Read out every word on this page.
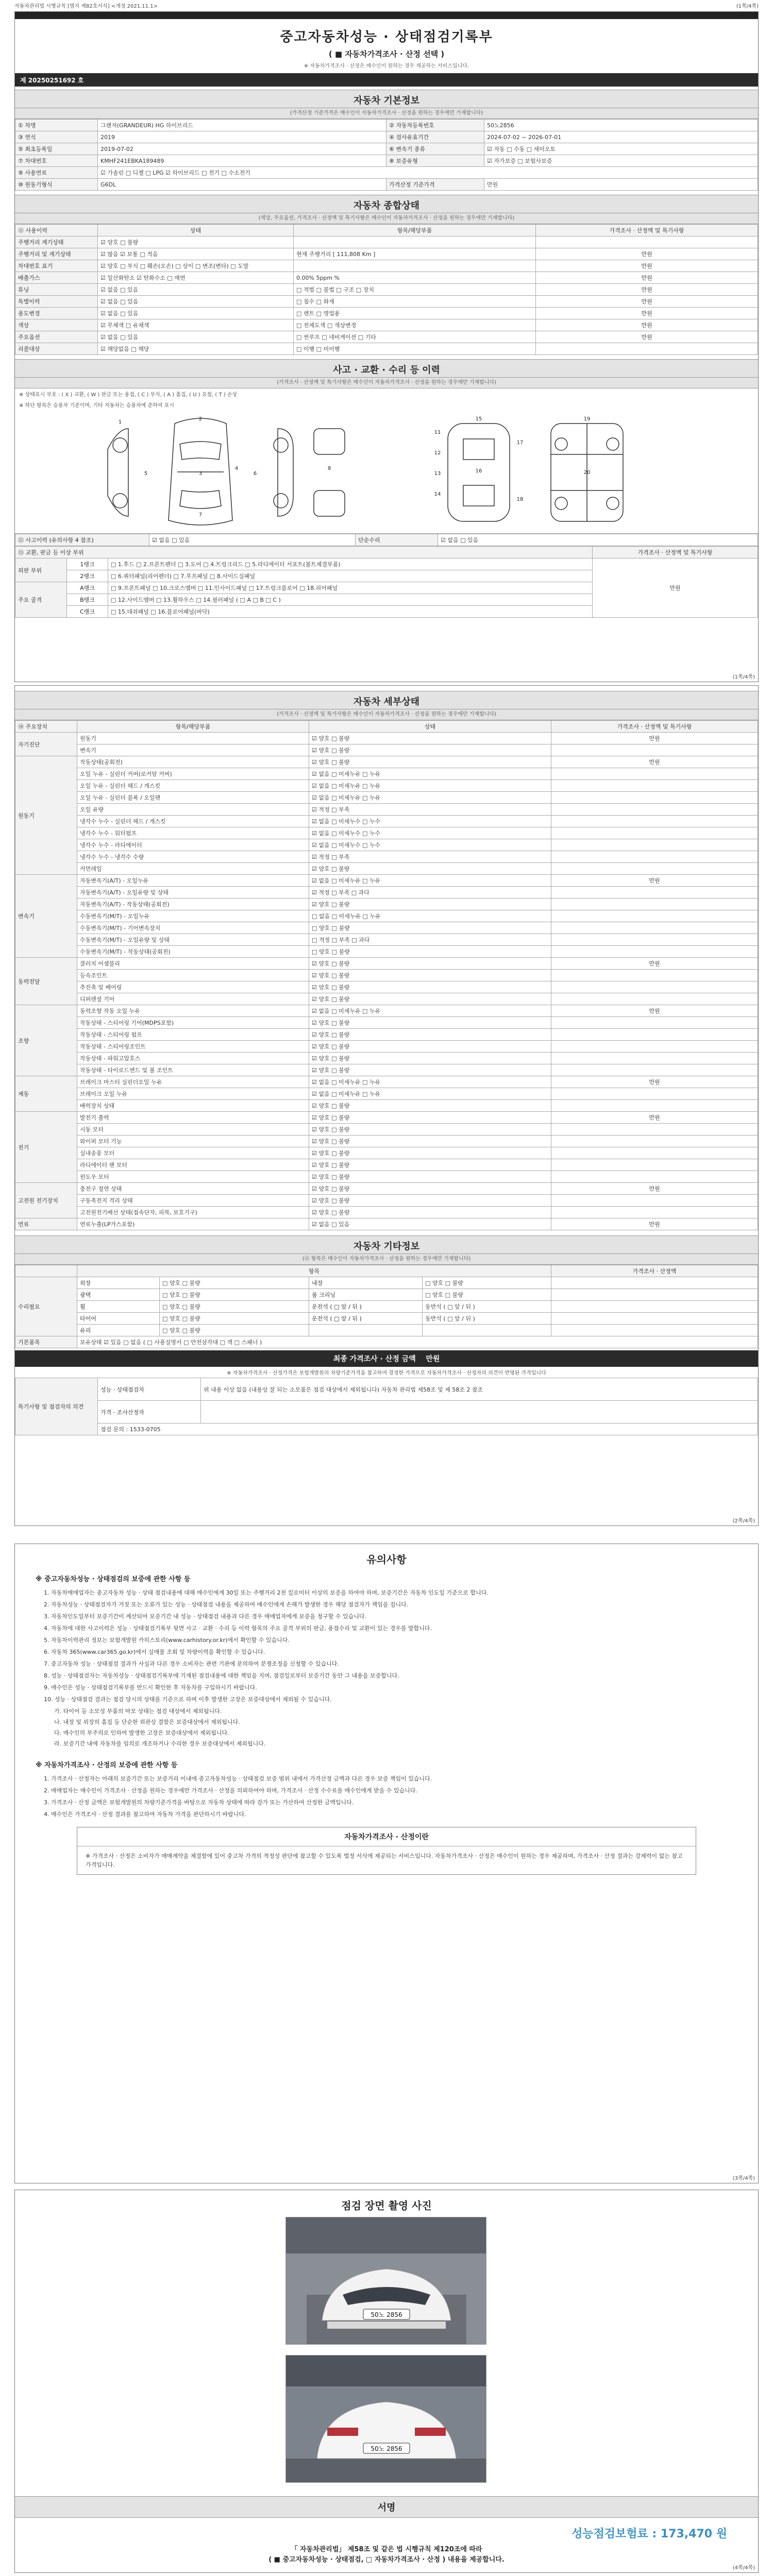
자동차관리법 시행규칙 [별지 제82호서식] <개정 2021.11.1>	(1쪽/4쪽)
중고자동차성능 · 상태점검기록부
( ■ 자동차가격조사 · 산정 선택 )
※ 자동차가격조사 · 산정은 매수인이 원하는 경우 제공하는 서비스입니다.
제 20250251692 호
자동차 기본정보
(가격산정 기준가격은 매수인이 자동차가격조사 · 산정을 원하는 경우에만 기재합니다)
① 차명	그랜저(GRANDEUR) HG 하이브리드	② 자동차등록번호	50노2856
③ 연식	2019	④ 검사유효기간	2024-07-02 ~ 2026-07-01
⑤ 최초등록일	2019-07-02	⑥ 변속기 종류	☑ 자동 □ 수동 □ 세미오토
⑦ 차대번호	KMHF241EBKA189489	⑧ 보증유형	☑ 자가보증 □ 보험사보증
⑨ 사용연료	☑ 가솔린 □ 디젤 □ LPG ☑ 하이브리드 □ 전기 □ 수소전기		
⑩ 원동기형식	G6DL	가격산정 기준가격	만원
자동차 종합상태
(색상, 주요옵션, 가격조사 · 산정액 및 특기사항은 매수인이 자동차가격조사 · 산정을 원하는 경우에만 기재합니다)
⑪ 사용이력	상태	항목/해당부품	가격조사 · 산정액 및 특기사항
주행거리 계기상태	☑ 양호 □ 불량		
주행거리 및 계기상태	☑ 많음 ☑ 보통 □ 적음	현재 주행거리 [ 111,808 Km ]	만원
차대번호 표기	☑ 양호 □ 부식 □ 훼손(오손) □ 상이 □ 변조(변타) □ 도말		만원
배출가스	☑ 일산화탄소 ☑ 탄화수소 □ 매연	0.00% 5ppm %	만원
튜닝	☑ 없음 □ 있음	□ 적법 □ 불법 □ 구조 □ 장치	만원
특별이력	☑ 없음 □ 있음	□ 침수 □ 화재	만원
용도변경	☑ 없음 □ 있음	□ 렌트 □ 영업용	만원
색상	☑ 무채색 □ 유채색	□ 전체도색 □ 색상변경	만원
주요옵션	☑ 없음 □ 있음	□ 썬루프 □ 네비게이션 □ 기타	만원
리콜대상	☑ 해당없음 □ 해당	□ 이행 □ 미이행	
사고 · 교환 · 수리 등 이력
(가격조사 · 산정액 및 특기사항은 매수인이 자동차가격조사 · 산정을 원하는 경우에만 기재합니다)
※ 상태표시 부호 : ( X ) 교환, ( W ) 판금 또는 용접, ( C ) 부식, ( A ) 흠집, ( U ) 요철, ( T ) 손상
※ 하단 항목은 승용차 기준이며, 기타 자동차는 승용차에 준하여 표시
1
2
3
4
5	6
7
8
11
12
13
14
15
16
17
18
19
20
⑫ 사고이력 (유의사항 4 참조)	☑ 없음 □ 있음	단순수리	☑ 없음 □ 있음
⑬ 교환, 판금 등 이상 부위			가격조사 · 산정액 및 특기사항
외판 부위	1랭크	□ 1.후드 □ 2.프론트펜더 □ 3.도어 □ 4.트렁크리드 □ 5.라디에이터 서포트(볼트체결부품)	만원
	2랭크	□ 6.쿼터패널(리어펜더) □ 7.루프패널 □ 8.사이드실패널	
주요 골격	A랭크	□ 9.프론트패널 □ 10.크로스멤버 □ 11.인사이드패널 □ 17.트렁크플로어 □ 18.리어패널	
	B랭크	□ 12.사이드멤버 □ 13.휠하우스 □ 14.필러패널 ( □ A □ B □ C )	
	C랭크	□ 15.대쉬패널 □ 16.플로어패널(바닥)	
(1쪽/4쪽)
자동차 세부상태
(가격조사 · 산정액 및 특기사항은 매수인이 자동차가격조사 · 산정을 원하는 경우에만 기재합니다)
⑭ 주요장치	항목/해당부품	상태	가격조사 · 산정액 및 특기사항
자기진단	원동기	☑ 양호 □ 불량	만원
	변속기	☑ 양호 □ 불량	
원동기	작동상태(공회전)	☑ 양호 □ 불량	만원
	오일 누유 - 실린더 커버(로커암 커버)	☑ 없음 □ 미세누유 □ 누유	
	오일 누유 - 실린더 헤드 / 개스킷	☑ 없음 □ 미세누유 □ 누유	
	오일 누유 - 실린더 블록 / 오일팬	☑ 없음 □ 미세누유 □ 누유	
	오일 유량	☑ 적정 □ 부족	
	냉각수 누수 - 실린더 헤드 / 개스킷	☑ 없음 □ 미세누수 □ 누수	
	냉각수 누수 - 워터펌프	☑ 없음 □ 미세누수 □ 누수	
	냉각수 누수 - 라디에이터	☑ 없음 □ 미세누수 □ 누수	
	냉각수 누수 - 냉각수 수량	☑ 적정 □ 부족	
	커먼레일	☑ 양호 □ 불량	
변속기	자동변속기(A/T) - 오일누유	☑ 없음 □ 미세누유 □ 누유	만원
	자동변속기(A/T) - 오일유량 및 상태	☑ 적정 □ 부족 □ 과다	
	자동변속기(A/T) - 작동상태(공회전)	☑ 양호 □ 불량	
	수동변속기(M/T) - 오일누유	□ 없음 □ 미세누유 □ 누유	
	수동변속기(M/T) - 기어변속장치	□ 양호 □ 불량	
	수동변속기(M/T) - 오일유량 및 상태	□ 적정 □ 부족 □ 과다	
	수동변속기(M/T) - 작동상태(공회전)	□ 양호 □ 불량	
동력전달	클러치 어셈블리	☑ 양호 □ 불량	만원
	등속조인트	☑ 양호 □ 불량	
	추진축 및 베어링	☑ 양호 □ 불량	
	디퍼렌셜 기어	☑ 양호 □ 불량	
조향	동력조향 작동 오일 누유	☑ 없음 □ 미세누유 □ 누유	만원
	작동상태 - 스티어링 기어(MDPS포함)	☑ 양호 □ 불량	
	작동상태 - 스티어링 펌프	☑ 양호 □ 불량	
	작동상태 - 스티어링조인트	☑ 양호 □ 불량	
	작동상태 - 파워고압호스	☑ 양호 □ 불량	
	작동상태 - 타이로드엔드 및 볼 조인트	☑ 양호 □ 불량	
제동	브레이크 마스터 실린더오일 누유	☑ 없음 □ 미세누유 □ 누유	만원
	브레이크 오일 누유	☑ 없음 □ 미세누유 □ 누유	
	배력장치 상태	☑ 양호 □ 불량	
전기	발전기 출력	☑ 양호 □ 불량	만원
	시동 모터	☑ 양호 □ 불량	
	와이퍼 모터 기능	☑ 양호 □ 불량	
	실내송풍 모터	☑ 양호 □ 불량	
	라디에이터 팬 모터	☑ 양호 □ 불량	
	윈도우 모터	☑ 양호 □ 불량	
고전원 전기장치	충전구 절연 상태	☑ 양호 □ 불량	만원
	구동축전지 격리 상태	☑ 양호 □ 불량	
	고전원전기배선 상태(접속단자, 피복, 보호기구)	☑ 양호 □ 불량	
연료	연료누출(LP가스포함)	☑ 없음 □ 있음	만원
자동차 기타정보
(⑮ 항목은 매수인이 자동차가격조사 · 산정을 원하는 경우에만 기재합니다)
	항목				가격조사 · 산정액
수리필요	외장	□ 양호 □ 불량	내장	□ 양호 □ 불량	
	광택	□ 양호 □ 불량	룸 크리닝	□ 양호 □ 불량	
	휠	□ 양호 □ 불량	운전석 ( □ 앞 / 뒤 )	동반석 ( □ 앞 / 뒤 )	
	타이어	□ 양호 □ 불량	운전석 ( □ 앞 / 뒤 )	동반석 ( □ 앞 / 뒤 )	
	유리	□ 양호 □ 불량			
기본품목	보유상태 ☑ 있음 □ 없음 ( □ 사용설명서 □ 안전삼각대 □ 잭 □ 스패너 )				
최종 가격조사 · 산정 금액 만원
※ 자동차가격조사 · 산정가격은 보험개발원의 차량기준가격을 참고하여 결정한 가격으로 자동차가격조사 · 산정자의 의견이 반영된 가격입니다
특기사항 및 점검자의 의견	성능 · 상태점검자	위 내용 이상 없음 (내용상 잘 되는 소모품은 점검 대상에서 제외됩니다) 자동차 관리법 제58조 및 제 58조 2 참조
	가격 · 조사산정자	
	점검 문의 : 1533-0705	
(2쪽/4쪽)
유의사항
※ 중고자동차성능 · 상태점검의 보증에 관한 사항 등
1. 자동차매매업자는 중고자동차 성능 · 상태 점검내용에 대해 매수인에게 30일 또는 주행거리 2천 킬로미터 이상의 보증을 하여야 하며, 보증기간은 자동차 인도일 기준으로 합니다.
2. 자동차성능 · 상태점검자가 거짓 또는 오류가 있는 성능 · 상태점검 내용을 제공하여 매수인에게 손해가 발생한 경우 해당 점검자가 책임을 집니다.
3. 자동차인도일부터 보증기간이 계산되어 보증기간 내 성능 · 상태점검 내용과 다른 경우 매매업자에게 보증을 청구할 수 있습니다.
4. 자동차에 대한 사고이력은 성능 · 상태점검기록부 뒷면 사고 · 교환 · 수리 등 이력 항목의 주요 골격 부위의 판금, 용접수리 및 교환이 있는 경우를 말합니다.
5. 자동차이력관리 정보는 보험개발원 카히스토리(www.carhistory.or.kr)에서 확인할 수 있습니다.
6. 자동차 365(www.car365.go.kr)에서 실매물 조회 및 차량이력을 확인할 수 있습니다.
7. 중고자동차 성능 · 상태점검 결과가 사실과 다른 경우 소비자는 관련 기관에 문의하여 분쟁조정을 신청할 수 있습니다.
8. 성능 · 상태점검자는 자동차성능 · 상태점검기록부에 기재된 점검내용에 대한 책임을 지며, 점검일로부터 보증기간 동안 그 내용을 보증합니다.
9. 매수인은 성능 · 상태점검기록부를 반드시 확인한 후 자동차를 구입하시기 바랍니다.
10. 성능 · 상태점검 결과는 점검 당시의 상태를 기준으로 하며 이후 발생한 고장은 보증대상에서 제외될 수 있습니다.
가. 타이어 등 소모성 부품의 마모 상태는 점검 대상에서 제외됩니다.
나. 내장 및 외장의 흠집 등 단순한 외관상 결함은 보증대상에서 제외됩니다.
다. 매수인의 부주의로 인하여 발생한 고장은 보증대상에서 제외됩니다.
라. 보증기간 내에 자동차를 임의로 개조하거나 수리한 경우 보증대상에서 제외됩니다.
※ 자동차가격조사 · 산정의 보증에 관한 사항 등
1. 가격조사 · 산정자는 아래의 보증기간 또는 보증거리 이내에 중고자동차성능 · 상태점검 보증 범위 내에서 가격산정 금액과 다른 경우 보증 책임이 있습니다.
2. 매매업자는 매수인이 가격조사 · 산정을 원하는 경우에만 가격조사 · 산정을 의뢰하여야 하며, 가격조사 · 산정 수수료를 매수인에게 받을 수 있습니다.
3. 가격조사 · 산정 금액은 보험개발원의 차량기준가격을 바탕으로 자동차 상태에 따라 감가 또는 가산하여 산정한 금액입니다.
4. 매수인은 가격조사 · 산정 결과를 참고하여 자동차 가격을 판단하시기 바랍니다.
자동차가격조사 · 산정이란
※ 가격조사 · 산정은 소비자가 매매계약을 체결함에 있어 중고차 가격의 적정성 판단에 참고할 수 있도록 법정 서식에 제공되는 서비스입니다. 자동차가격조사 · 산정은 매수인이 원하는 경우 제공하며, 가격조사 · 산정 결과는 강제력이 없는 참고 가격입니다.
(3쪽/4쪽)
점검 장면 촬영 사진
50노 2856
50노 2856
서명
성능점검보험료 : 173,470 원
「 자동차관리법」 제58조 및 같은 법 시행규칙 제120조에 따라
( ■ 중고자동차성능 · 상태점검, □ 자동차가격조사 · 산정 ) 내용을 제공합니다.
(4쪽/4쪽)
